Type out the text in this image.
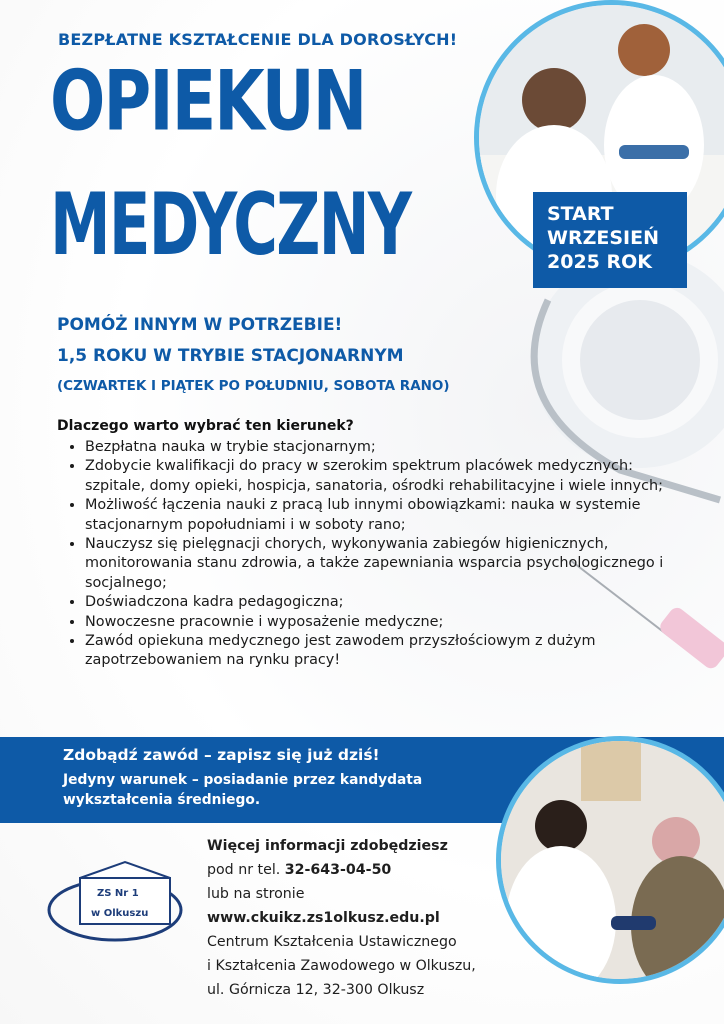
BEZPŁATNE KSZTAŁCENIE DLA DOROSŁYCH!
OPIEKUN
MEDYCZNY	START
WRZESIEŃ
2025 ROK
POMÓŻ INNYM W POTRZEBIE!
1,5 ROKU W TRYBIE STACJONARNYM
(CZWARTEK I PIĄTEK PO POŁUDNIU, SOBOTA RANO)
Dlaczego warto wybrać ten kierunek?
• Bezpłatna nauka w trybie stacjonarnym;
• Zdobycie kwalifikacji do pracy w szerokim spektrum placówek medycznych: szpitale, domy opieki, hospicja, sanatoria, ośrodki rehabilitacyjne i wiele innych;
• Możliwość łączenia nauki z pracą lub innymi obowiązkami: nauka w systemie stacjonarnym popołudniami i w soboty rano;
• Nauczysz się pielęgnacji chorych, wykonywania zabiegów higienicznych, monitorowania stanu zdrowia, a także zapewniania wsparcia psychologicznego i socjalnego;
• Doświadczona kadra pedagogiczna;
• Nowoczesne pracownie i wyposażenie medyczne;
• Zawód opiekuna medycznego jest zawodem przyszłościowym z dużym zapotrzebowaniem na rynku pracy!
Zdobądź zawód – zapisz się już dziś!
Jedyny warunek – posiadanie przez kandydata wykształcenia średniego.
Więcej informacji zdobędziesz
pod nr tel. 32-643-04-50
lub na stronie
www.ckuikz.zs1olkusz.edu.pl
Centrum Kształcenia Ustawicznego
i Kształcenia Zawodowego w Olkuszu,
ul. Górnicza 12, 32-300 Olkusz
ZS Nr 1
w Olkuszu
